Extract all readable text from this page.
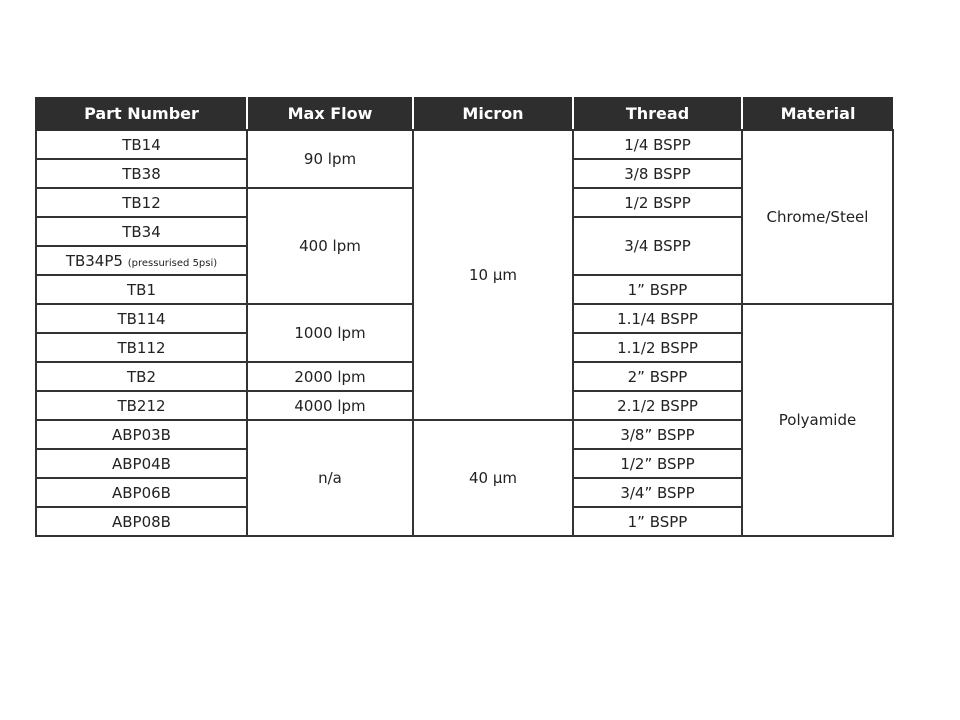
Part Number	Max Flow	Micron	Thread	Material
TB14	90 lpm	10 µm	1/4 BSPP	Chrome/Steel
TB38			3/8 BSPP	
TB12	400 lpm		1/2 BSPP	
TB34			3/4 BSPP	
TB34P5 (pressurised 5psi)				
TB1			1” BSPP	
TB114	1000 lpm		1.1/4 BSPP	Polyamide
TB112			1.1/2 BSPP	
TB2	2000 lpm		2” BSPP	
TB212	4000 lpm		2.1/2 BSPP	
ABP03B	n/a	40 µm	3/8” BSPP	
ABP04B			1/2” BSPP	
ABP06B			3/4” BSPP	
ABP08B			1” BSPP	
